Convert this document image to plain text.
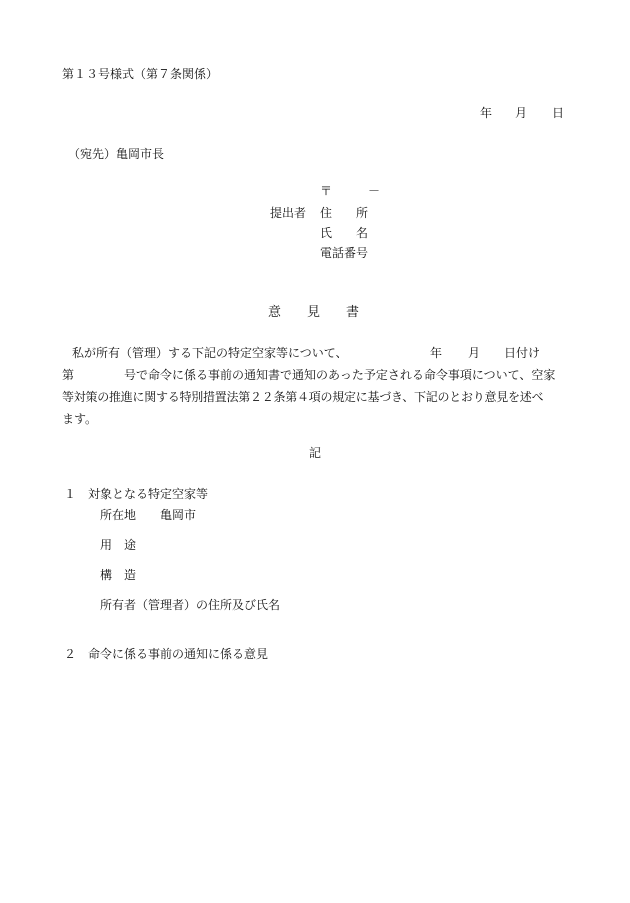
第１３号様式（第７条関係）
年 月 日
（宛先）亀岡市長
〒	－
提出者 住　　所
氏　　名
電話番号
意　　見　　書
私が所有（管理）する下記の特定空家等について、	年 月 日付け
第	号で命令に係る事前の通知書で通知のあった予定される命令事項について、空家
等対策の推進に関する特別措置法第２２条第４項の規定に基づき、下記のとおり意見を述べ
ます。
記
１　対象となる特定空家等
所在地 亀岡市
用　途
構　造
所有者（管理者）の住所及び氏名
２　命令に係る事前の通知に係る意見
